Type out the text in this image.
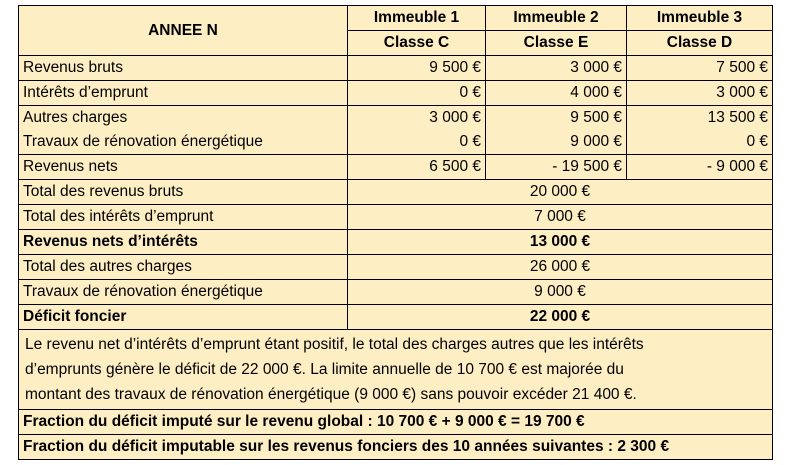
ANNEE N	Immeuble 1	Immeuble 2	Immeuble 3
	Classe C	Classe E	Classe D
Revenus bruts	9 500 €	3 000 €	7 500 €
Intérêts d’emprunt	0 €	4 000 €	3 000 €
Autres charges	3 000 €	9 500 €	13 500 €
Travaux de rénovation énergétique	0 €	9 000 €	0 €
Revenus nets	6 500 €	- 19 500 €	- 9 000 €
Total des revenus bruts	20 000 €		
Total des intérêts d’emprunt	7 000 €		
Revenus nets d’intérêts	13 000 €		
Total des autres charges	26 000 €		
Travaux de rénovation énergétique	9 000 €		
Déficit foncier	22 000 €		

Le revenu net d’intérêts d’emprunt étant positif, le total des charges autres que les intérêts
d’emprunts génère le déficit de 22 000 €. La limite annuelle de 10 700 € est majorée du
montant des travaux de rénovation énergétique (9 000 €) sans pouvoir excéder 21 400 €.			

Fraction du déficit imputé sur le revenu global : 10 700 € + 9 000 € = 19 700 €			
Fraction du déficit imputable sur les revenus fonciers des 10 années suivantes : 2 300 €			
